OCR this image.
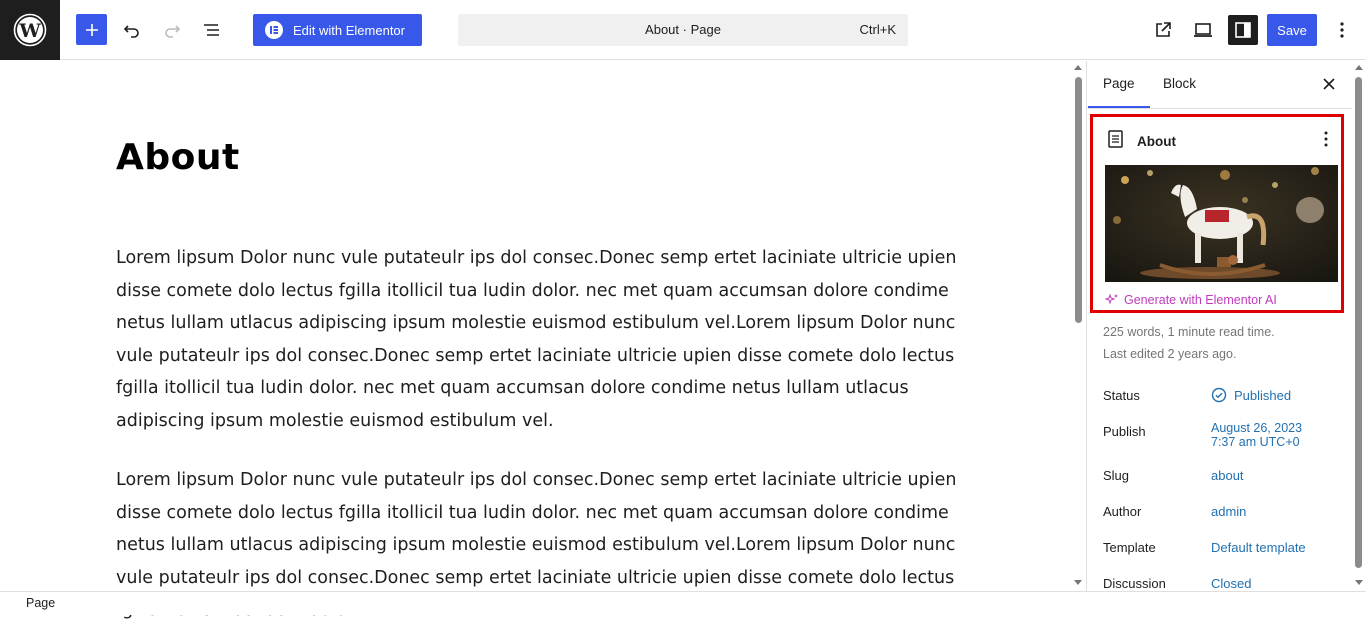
W	Edit with Elementor	About · Page	Ctrl+K	Save
About
Lorem lipsum Dolor nunc vule putateulr ips dol consec.Donec semp ertet laciniate ultricie upien disse comete dolo lectus fgilla itollicil tua ludin dolor. nec met quam accumsan dolore condime netus lullam utlacus adipiscing ipsum molestie euismod estibulum vel.Lorem lipsum Dolor nunc vule putateulr ips dol consec.Donec semp ertet laciniate ultricie upien disse comete dolo lectus fgilla itollicil tua ludin dolor. nec met quam accumsan dolore condime netus lullam utlacus adipiscing ipsum molestie euismod estibulum vel.
Lorem lipsum Dolor nunc vule putateulr ips dol consec.Donec semp ertet laciniate ultricie upien disse comete dolo lectus fgilla itollicil tua ludin dolor. nec met quam accumsan dolore condime netus lullam utlacus adipiscing ipsum molestie euismod estibulum vel.Lorem lipsum Dolor nunc vule putateulr ips dol consec.Donec semp ertet laciniate ultricie upien disse comete dolo lectus
Page Block
About
Generate with Elementor AI
225 words, 1 minute read time.
Last edited 2 years ago.
Status	Published
Publish	August 26, 2023
7:37 am UTC+0
Slug	about
Author	admin
Template	Default template
Discussion	Closed
Page
